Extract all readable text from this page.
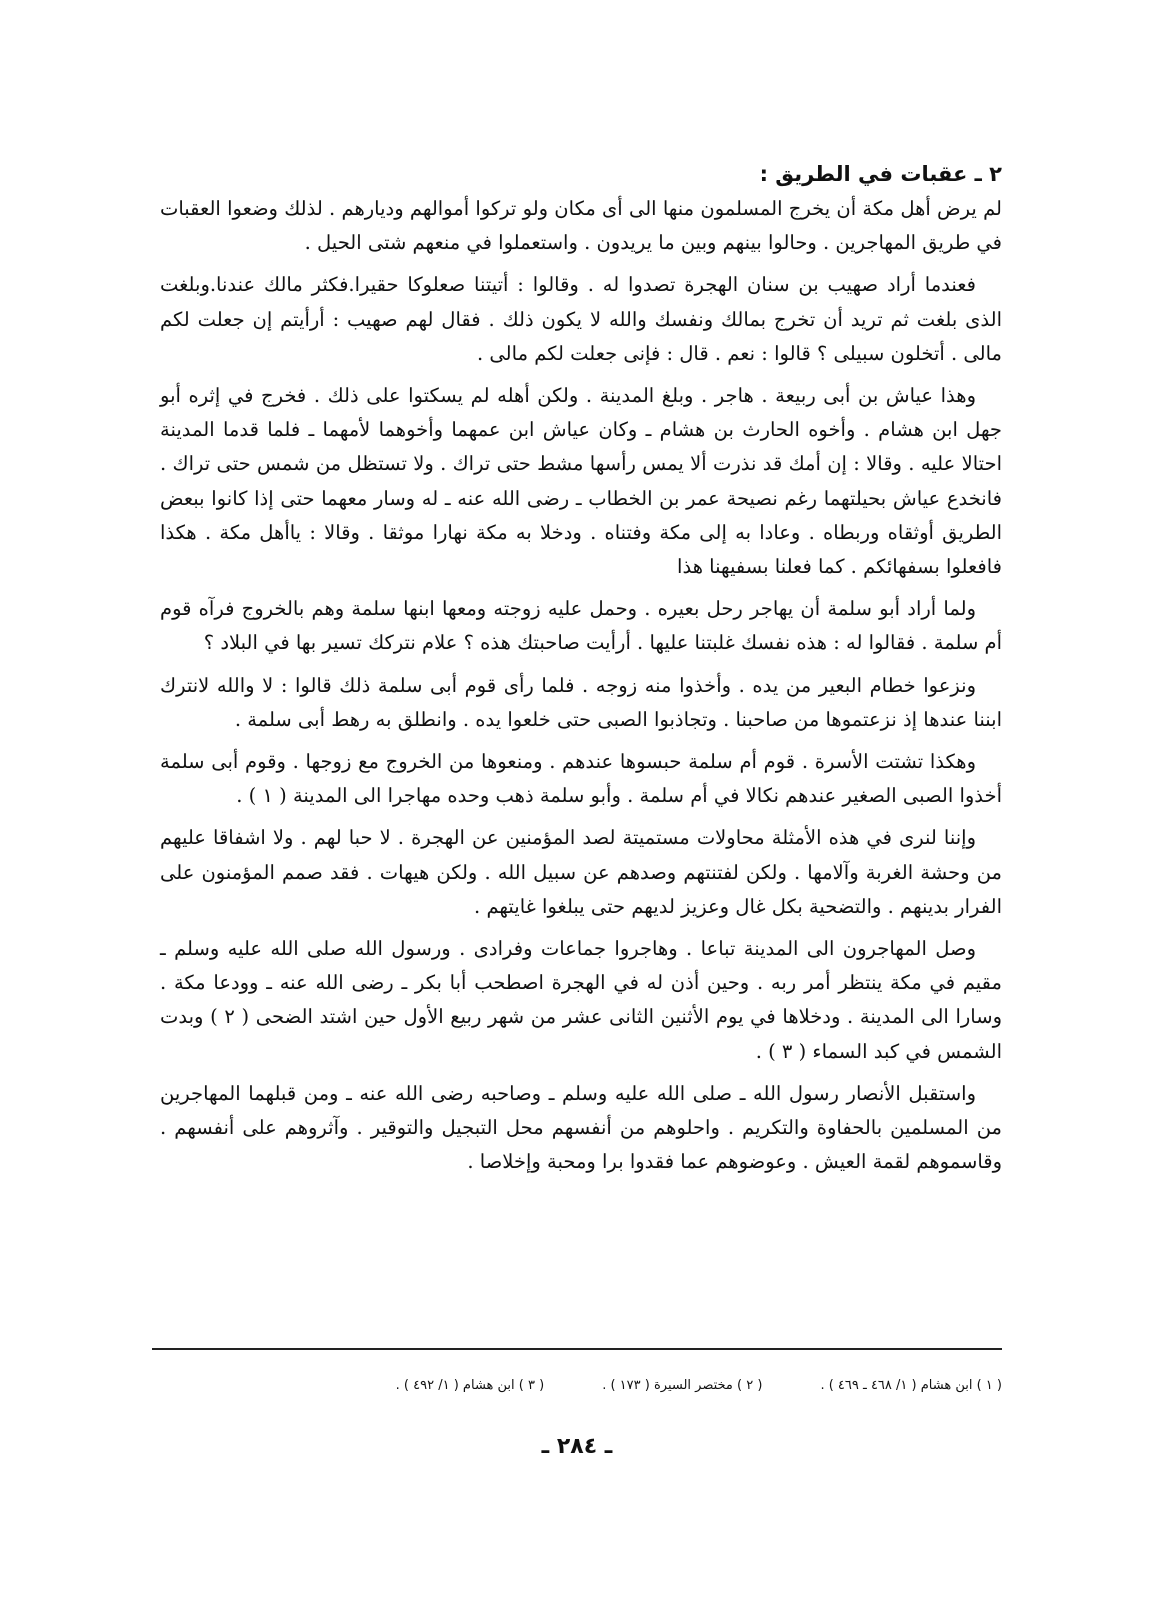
٢ ـ عقبات في الطريق :

لم يرض أهل مكة أن يخرج المسلمون منها الى أى مكان ولو تركوا أموالهم وديارهم . لذلك وضعوا العقبات في طريق المهاجرين . وحالوا بينهم وبين ما يريدون . واستعملوا في منعهم شتى الحيل .

فعندما أراد صهيب بن سنان الهجرة تصدوا له . وقالوا : أتيتنا صعلوكا حقيرا.فكثر مالك عندنا.وبلغت الذى بلغت ثم تريد أن تخرج بمالك ونفسك والله لا يكون ذلك . فقال لهم صهيب : أرأيتم إن جعلت لكم مالى . أتخلون سبيلى ؟ قالوا : نعم . قال : فإنى جعلت لكم مالى .

وهذا عياش بن أبى ربيعة . هاجر . وبلغ المدينة . ولكن أهله لم يسكتوا على ذلك . فخرج في إثره أبو جهل ابن هشام . وأخوه الحارث بن هشام ـ وكان عياش ابن عمهما وأخوهما لأمهما ـ فلما قدما المدينة احتالا عليه . وقالا : إن أمك قد نذرت ألا يمس رأسها مشط حتى تراك . ولا تستظل من شمس حتى تراك . فانخدع عياش بحيلتهما رغم نصيحة عمر بن الخطاب ـ رضى الله عنه ـ له وسار معهما حتى إذا كانوا ببعض الطريق أوثقاه وربطاه . وعادا به إلى مكة وفتناه . ودخلا به مكة نهارا موثقا . وقالا : ياأهل مكة . هكذا فافعلوا بسفهائكم . كما فعلنا بسفيهنا هذا

ولما أراد أبو سلمة أن يهاجر رحل بعيره . وحمل عليه زوجته ومعها ابنها سلمة وهم بالخروج فرآه قوم أم سلمة . فقالوا له : هذه نفسك غلبتنا عليها . أرأيت صاحبتك هذه ؟ علام نتركك تسير بها في البلاد ؟

ونزعوا خطام البعير من يده . وأخذوا منه زوجه . فلما رأى قوم أبى سلمة ذلك قالوا : لا والله لانترك ابننا عندها إذ نزعتموها من صاحبنا . وتجاذبوا الصبى حتى خلعوا يده . وانطلق به رهط أبى سلمة .

وهكذا تشتت الأسرة . قوم أم سلمة حبسوها عندهم . ومنعوها من الخروج مع زوجها . وقوم أبى سلمة أخذوا الصبى الصغير عندهم نكالا في أم سلمة . وأبو سلمة ذهب وحده مهاجرا الى المدينة ( ١ ) .

وإننا لنرى في هذه الأمثلة محاولات مستميتة لصد المؤمنين عن الهجرة . لا حبا لهم . ولا اشفاقا عليهم من وحشة الغربة وآلامها . ولكن لفتنتهم وصدهم عن سبيل الله . ولكن هيهات . فقد صمم المؤمنون على الفرار بدينهم . والتضحية بكل غال وعزيز لديهم حتى يبلغوا غايتهم .

وصل المهاجرون الى المدينة تباعا . وهاجروا جماعات وفرادى . ورسول الله صلى الله عليه وسلم ـ مقيم في مكة ينتظر أمر ربه . وحين أذن له في الهجرة اصطحب أبا بكر ـ رضى الله عنه ـ وودعا مكة . وسارا الى المدينة . ودخلاها في يوم الأثنين الثانى عشر من شهر ربيع الأول حين اشتد الضحى ( ٢ ) وبدت الشمس في كبد السماء ( ٣ ) .

واستقبل الأنصار رسول الله ـ صلى الله عليه وسلم ـ وصاحبه رضى الله عنه ـ ومن قبلهما المهاجرين من المسلمين بالحفاوة والتكريم . واحلوهم من أنفسهم محل التبجيل والتوقير . وآثروهم على أنفسهم . وقاسموهم لقمة العيش . وعوضوهم عما فقدوا برا ومحبة وإخلاصا .

( ١ ) ابن هشام ( ١/ ٤٦٨ ـ ٤٦٩ ) .
( ٢ ) مختصر السيرة ( ١٧٣ ) .
( ٣ ) ابن هشام ( ١/ ٤٩٢ ) .
ـ ٢٨٤ ـ
